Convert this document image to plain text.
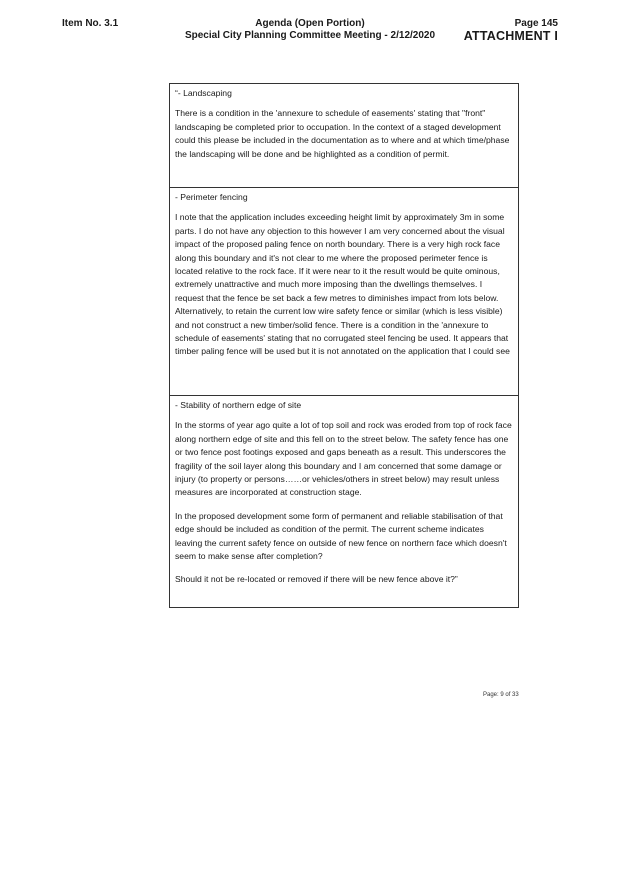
Item No. 3.1	Agenda (Open Portion)
Special City Planning Committee Meeting - 2/12/2020
Page 145
ATTACHMENT I

“- Landscaping

There is a condition in the 'annexure to schedule of easements' stating that "front" landscaping be completed prior to occupation. In the context of a staged development could this please be included in the documentation as to where and at which time/phase the landscaping will be done and be highlighted as a condition of permit.

- Perimeter fencing

I note that the application includes exceeding height limit by approximately 3m in some parts. I do not have any objection to this however I am very concerned about the visual impact of the proposed paling fence on north boundary. There is a very high rock face along this boundary and it's not clear to me where the proposed perimeter fence is located relative to the rock face. If it were near to it the result would be quite ominous, extremely unattractive and much more imposing than the dwellings themselves. I request that the fence be set back a few metres to diminishes impact from lots below. Alternatively, to retain the current low wire safety fence or similar (which is less visible) and not construct a new timber/solid fence. There is a condition in the 'annexure to schedule of easements' stating that no corrugated steel fencing be used. It appears that timber paling fence will be used but it is not annotated on the application that I could see

- Stability of northern edge of site

In the storms of year ago quite a lot of top soil and rock was eroded from top of rock face along northern edge of site and this fell on to the street below. The safety fence has one or two fence post footings exposed and gaps beneath as a result. This underscores the fragility of the soil layer along this boundary and I am concerned that some damage or injury (to property or persons……or vehicles/others in street below) may result unless measures are incorporated at construction stage.

In the proposed development some form of permanent and reliable stabilisation of that edge should be included as condition of the permit. The current scheme indicates leaving the current safety fence on outside of new fence on northern face which doesn't seem to make sense after completion?

Should it not be re-located or removed if there will be new fence above it?”

Page: 9 of 33
